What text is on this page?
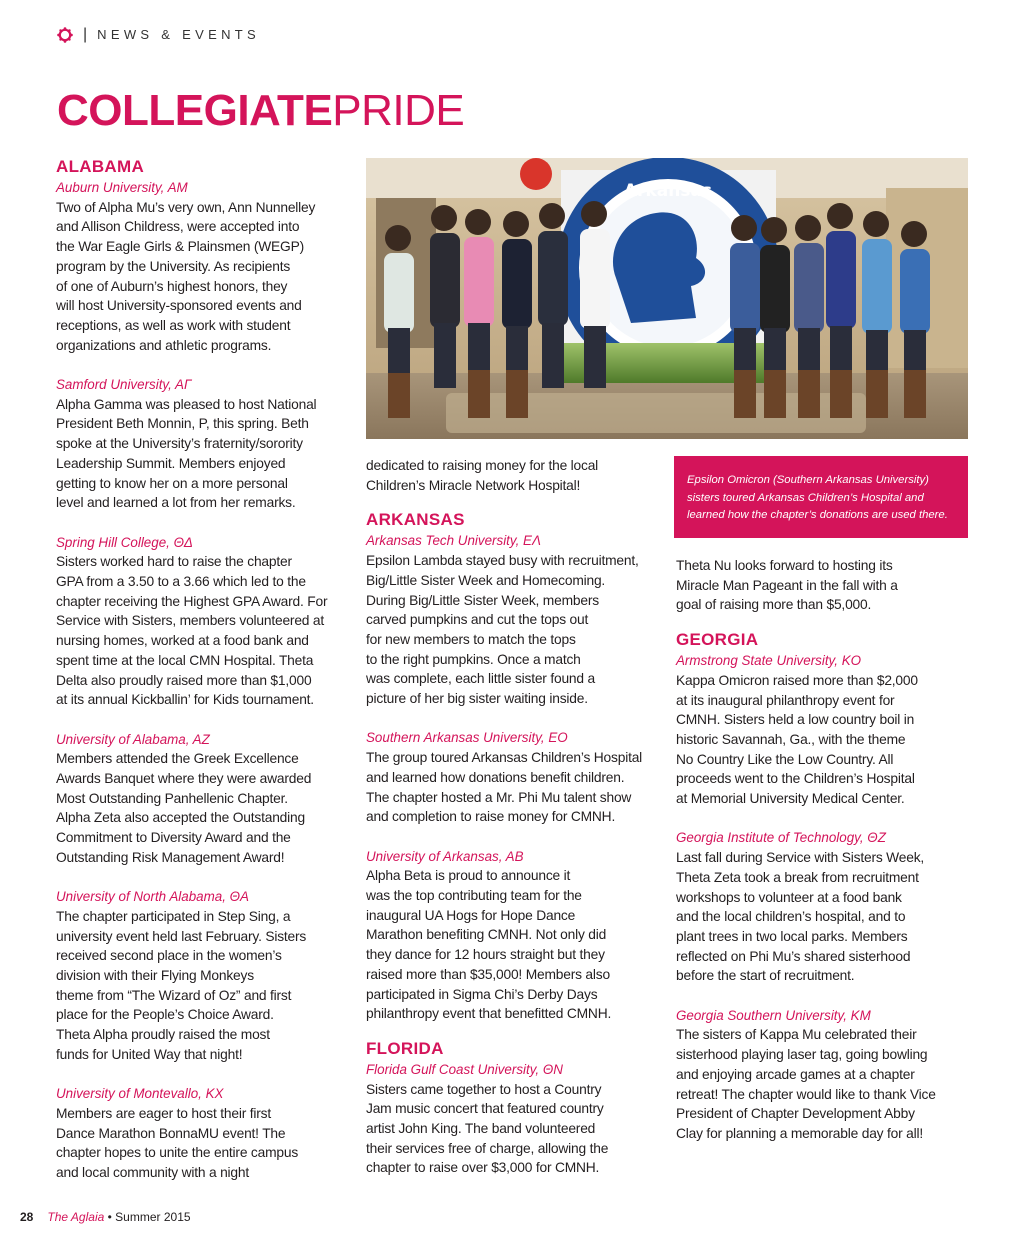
| NEWS & EVENTS
COLLEGIATEPRIDE
ALABAMA
Auburn University, AM

Two of Alpha Mu’s very own, Ann Nunnelley
and Allison Childress, were accepted into
the War Eagle Girls & Plainsmen (WEGP)
program by the University. As recipients
of one of Auburn’s highest honors, they
will host University-sponsored events and
receptions, as well as work with student
organizations and athletic programs.

Samford University, AΓ

Alpha Gamma was pleased to host National
President Beth Monnin, P, this spring. Beth
spoke at the University’s fraternity/sorority
Leadership Summit. Members enjoyed
getting to know her on a more personal
level and learned a lot from her remarks.

Spring Hill College, ΘΔ

Sisters worked hard to raise the chapter
GPA from a 3.50 to a 3.66 which led to the
chapter receiving the Highest GPA Award. For
Service with Sisters, members volunteered at
nursing homes, worked at a food bank and
spent time at the local CMN Hospital. Theta
Delta also proudly raised more than $1,000
at its annual Kickballin’ for Kids tournament.

University of Alabama, AZ

Members attended the Greek Excellence
Awards Banquet where they were awarded
Most Outstanding Panhellenic Chapter.
Alpha Zeta also accepted the Outstanding
Commitment to Diversity Award and the
Outstanding Risk Management Award!

University of North Alabama, ΘA

The chapter participated in Step Sing, a
university event held last February. Sisters
received second place in the women’s
division with their Flying Monkeys
theme from “The Wizard of Oz” and first
place for the People’s Choice Award.
Theta Alpha proudly raised the most
funds for United Way that night!

University of Montevallo, KX

Members are eager to host their first
Dance Marathon BonnaMU event! The
chapter hopes to unite the entire campus
and local community with a night

Arkansas
Epsilon Omicron (Southern Arkansas University)
sisters toured Arkansas Children’s Hospital and
learned how the chapter’s donations are used there.

dedicated to raising money for the local
Children’s Miracle Network Hospital!

ARKANSAS
Arkansas Tech University, EΛ

Epsilon Lambda stayed busy with recruitment,
Big/Little Sister Week and Homecoming.
During Big/Little Sister Week, members
carved pumpkins and cut the tops out
for new members to match the tops
to the right pumpkins. Once a match
was complete, each little sister found a
picture of her big sister waiting inside.

Southern Arkansas University, EO

The group toured Arkansas Children’s Hospital
and learned how donations benefit children.
The chapter hosted a Mr. Phi Mu talent show
and completion to raise money for CMNH.

University of Arkansas, AB

Alpha Beta is proud to announce it
was the top contributing team for the
inaugural UA Hogs for Hope Dance
Marathon benefiting CMNH. Not only did
they dance for 12 hours straight but they
raised more than $35,000! Members also
participated in Sigma Chi’s Derby Days
philanthropy event that benefitted CMNH.

FLORIDA
Florida Gulf Coast University, ΘN

Sisters came together to host a Country
Jam music concert that featured country
artist John King. The band volunteered
their services free of charge, allowing the
chapter to raise over $3,000 for CMNH.

Theta Nu looks forward to hosting its
Miracle Man Pageant in the fall with a
goal of raising more than $5,000.

GEORGIA
Armstrong State University, KO

Kappa Omicron raised more than $2,000
at its inaugural philanthropy event for
CMNH. Sisters held a low country boil in
historic Savannah, Ga., with the theme
No Country Like the Low Country. All
proceeds went to the Children’s Hospital
at Memorial University Medical Center.

Georgia Institute of Technology, ΘZ

Last fall during Service with Sisters Week,
Theta Zeta took a break from recruitment
workshops to volunteer at a food bank
and the local children’s hospital, and to
plant trees in two local parks. Members
reflected on Phi Mu’s shared sisterhood
before the start of recruitment.

Georgia Southern University, KM

The sisters of Kappa Mu celebrated their
sisterhood playing laser tag, going bowling
and enjoying arcade games at a chapter
retreat! The chapter would like to thank Vice
President of Chapter Development Abby
Clay for planning a memorable day for all!

28 The Aglaia • Summer 2015
